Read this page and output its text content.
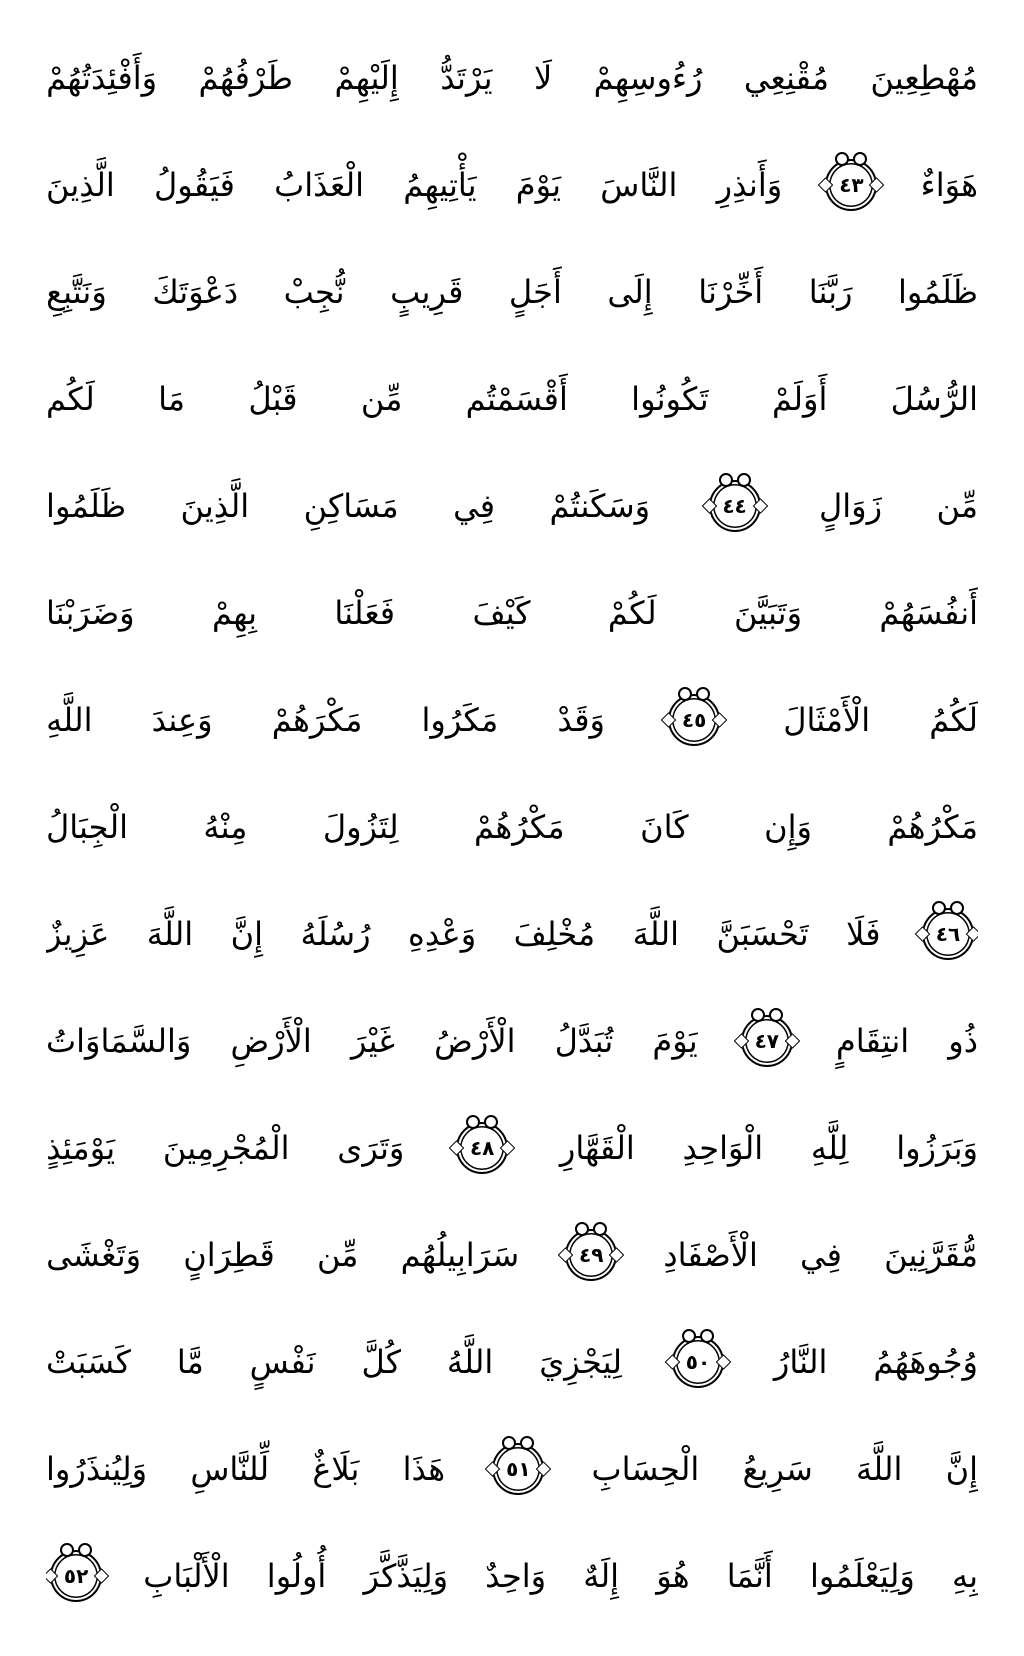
مُهْطِعِينَ
مُقْنِعِي
رُءُوسِهِمْ
لَا
يَرْتَدُّ
إِلَيْهِمْ
طَرْفُهُمْ
وَأَفْئِدَتُهُمْ
هَوَاءٌ
٤٣
وَأَنذِرِ
النَّاسَ
يَوْمَ
يَأْتِيهِمُ
الْعَذَابُ
فَيَقُولُ
الَّذِينَ
ظَلَمُوا
رَبَّنَا
أَخِّرْنَا
إِلَى
أَجَلٍ
قَرِيبٍ
نُّجِبْ
دَعْوَتَكَ
وَنَتَّبِعِ
الرُّسُلَ
أَوَلَمْ
تَكُونُوا
أَقْسَمْتُم
مِّن
قَبْلُ
مَا
لَكُم
مِّن
زَوَالٍ
٤٤
وَسَكَنتُمْ
فِي
مَسَاكِنِ
الَّذِينَ
ظَلَمُوا
أَنفُسَهُمْ
وَتَبَيَّنَ
لَكُمْ
كَيْفَ
فَعَلْنَا
بِهِمْ
وَضَرَبْنَا
لَكُمُ
الْأَمْثَالَ
٤٥
وَقَدْ
مَكَرُوا
مَكْرَهُمْ
وَعِندَ
اللَّهِ
مَكْرُهُمْ
وَإِن
كَانَ
مَكْرُهُمْ
لِتَزُولَ
مِنْهُ
الْجِبَالُ
٤٦
فَلَا
تَحْسَبَنَّ
اللَّهَ
مُخْلِفَ
وَعْدِهِ
رُسُلَهُ
إِنَّ
اللَّهَ
عَزِيزٌ
ذُو
انتِقَامٍ
٤٧
يَوْمَ
تُبَدَّلُ
الْأَرْضُ
غَيْرَ
الْأَرْضِ
وَالسَّمَاوَاتُ
وَبَرَزُوا
لِلَّهِ
الْوَاحِدِ
الْقَهَّارِ
٤٨
وَتَرَى
الْمُجْرِمِينَ
يَوْمَئِذٍ
مُّقَرَّنِينَ
فِي
الْأَصْفَادِ
٤٩
سَرَابِيلُهُم
مِّن
قَطِرَانٍ
وَتَغْشَى
وُجُوهَهُمُ
النَّارُ
٥٠
لِيَجْزِيَ
اللَّهُ
كُلَّ
نَفْسٍ
مَّا
كَسَبَتْ
إِنَّ
اللَّهَ
سَرِيعُ
الْحِسَابِ
٥١
هَذَا
بَلَاغٌ
لِّلنَّاسِ
وَلِيُنذَرُوا
بِهِ
وَلِيَعْلَمُوا
أَنَّمَا
هُوَ
إِلَهٌ
وَاحِدٌ
وَلِيَذَّكَّرَ
أُولُوا
الْأَلْبَابِ
٥٢
